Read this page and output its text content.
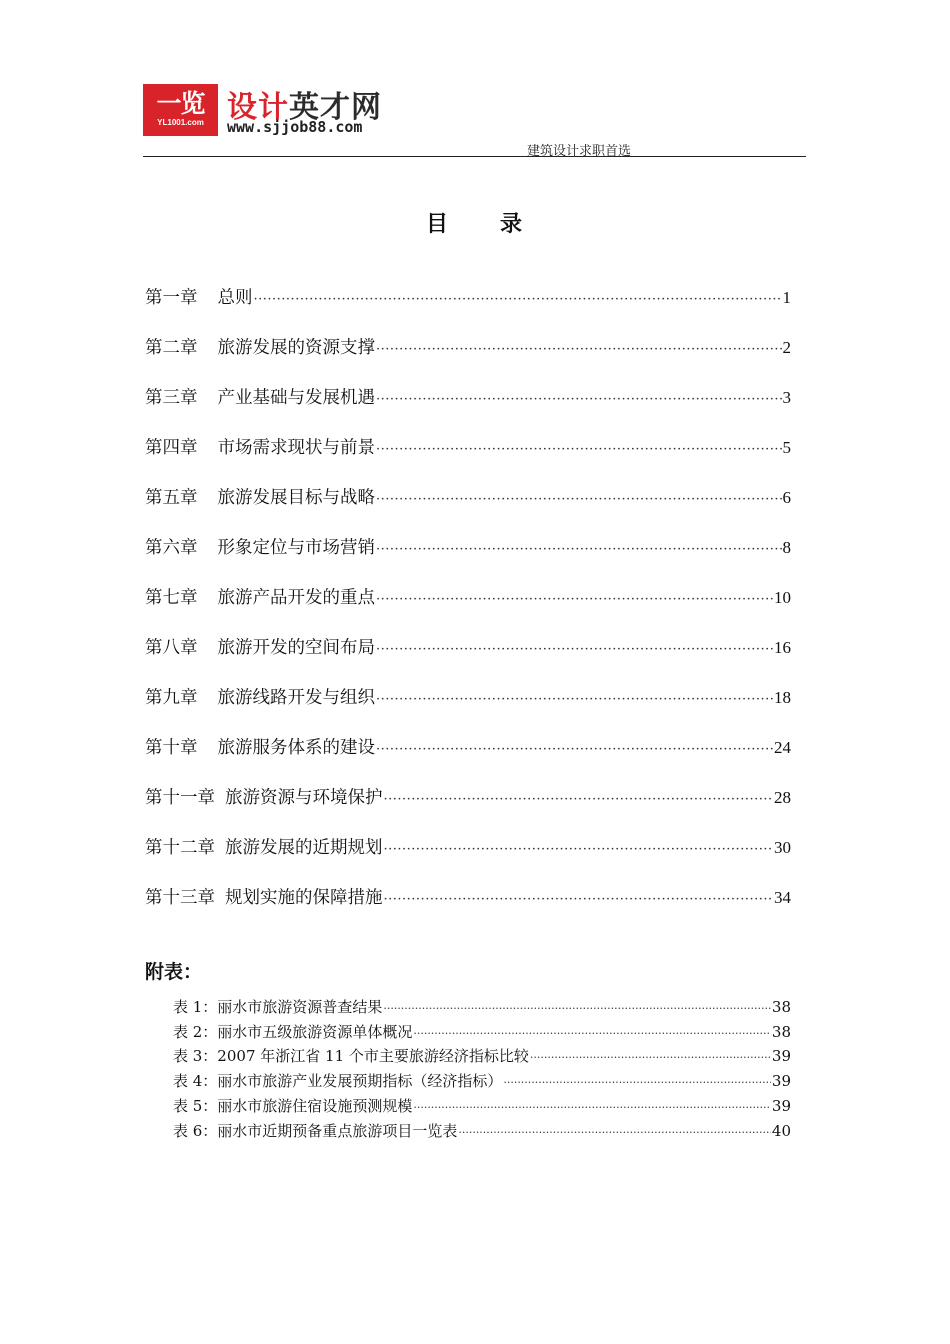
一览
YL1001.com 设计英才网
www.sjjob88.com
建筑设计求职首选
目 录
第一章 总则 ·····	1
第二章 旅游发展的资源支撑 ·····	2
第三章 产业基础与发展机遇 ·····	3
第四章 市场需求现状与前景 ·····	5
第五章 旅游发展目标与战略 ·····	6
第六章 形象定位与市场营销 ·····	8
第七章 旅游产品开发的重点 ·····	10
第八章 旅游开发的空间布局 ·····	16
第九章 旅游线路开发与组织 ·····	18
第十章 旅游服务体系的建设 ·····	24
第十一章 旅游资源与环境保护 ·····	28
第十二章 旅游发展的近期规划 ·····	30
第十三章 规划实施的保障措施 ·····	34
附表：
表 1：丽水市旅游资源普查结果 ·····	38
表 2：丽水市五级旅游资源单体概况 ·····	38
表 3：2007 年浙江省 11 个市主要旅游经济指标比较 ·····	39
表 4：丽水市旅游产业发展预期指标（经济指标） ·····	39
表 5：丽水市旅游住宿设施预测规模 ·····	39
表 6：丽水市近期预备重点旅游项目一览表 ·····	40
